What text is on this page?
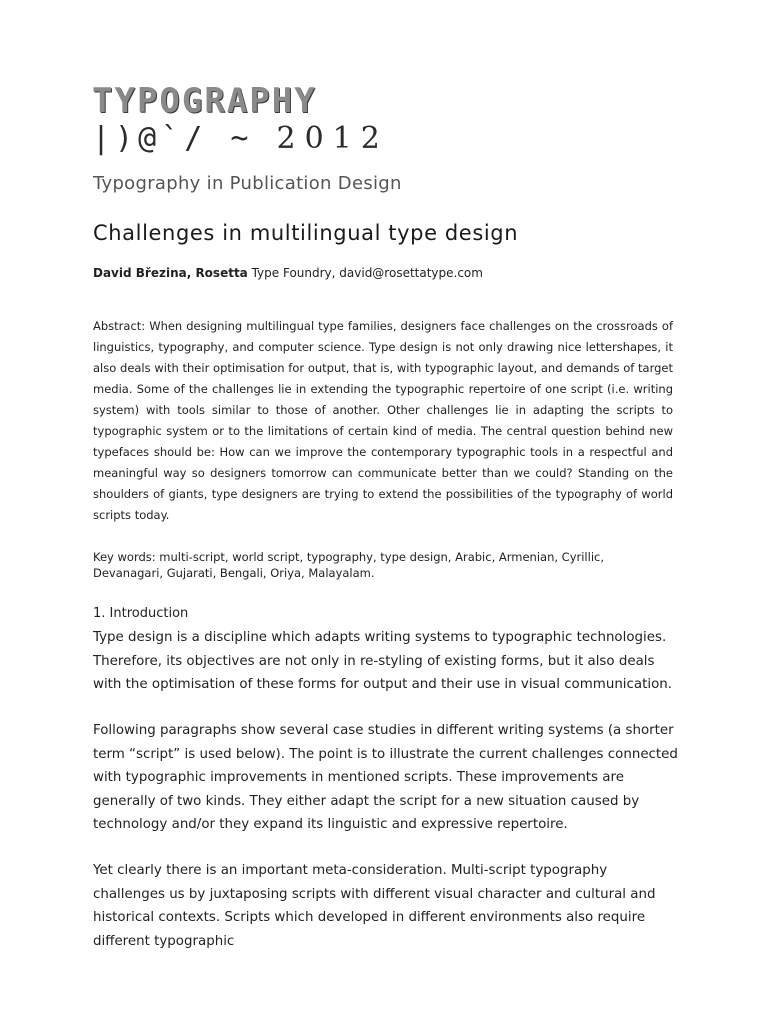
TYPOGRAPHY
|)@`/ ~ 2012
Typography in Publication Design
Challenges in multilingual type design
David Březina, Rosetta Type Foundry, david@rosettatype.com
Abstract: When designing multilingual type families, designers face challenges on the crossroads of linguistics, typography, and computer science. Type design is not only drawing nice lettershapes, it also deals with their optimisation for output, that is, with typographic layout, and demands of target media. Some of the challenges lie in extending the typographic repertoire of one script (i.e. writing system) with tools similar to those of another. Other challenges lie in adapting the scripts to typographic system or to the limitations of certain kind of media. The central question behind new typefaces should be: How can we improve the contemporary typographic tools in a respectful and meaningful way so designers tomorrow can communicate better than we could? Standing on the shoulders of giants, type designers are trying to extend the possibilities of the typography of world scripts today.
Key words: multi-script, world script, typography, type design, Arabic, Armenian, Cyrillic, Devanagari, Gujarati, Bengali, Oriya, Malayalam.
1. Introduction
Type design is a discipline which adapts writing systems to typographic technologies. Therefore, its objectives are not only in re-styling of existing forms, but it also deals with the optimisation of these forms for output and their use in visual communication.
Following paragraphs show several case studies in different writing systems (a shorter term “script” is used below). The point is to illustrate the current challenges connected with typographic improvements in mentioned scripts. These improvements are generally of two kinds. They either adapt the script for a new situation caused by technology and/or they expand its linguistic and expressive repertoire.
Yet clearly there is an important meta-consideration. Multi-script typography challenges us by juxtaposing scripts with different visual character and cultural and historical contexts. Scripts which developed in different environments also require different typographic
